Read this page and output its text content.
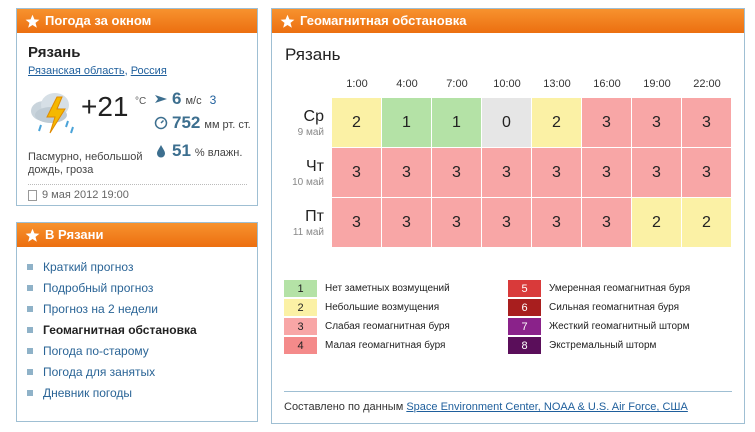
Погода за окном
Рязань
Рязанская область, Россия
+21 °C 6 м/с 3
752 мм рт. ст.
51 % влажн.
Пасмурно, небольшой дождь, гроза
9 мая 2012 19:00
В Рязани
Краткий прогноз
Подробный прогноз
Прогноз на 2 недели
Геомагнитная обстановка
Погода по-старому
Погода для занятых
Дневник погоды
Геомагнитная обстановка
Рязань
1:00	4:00	7:00	10:00	13:00	16:00	19:00	22:00
Ср
9 май
2	1	1	0	2	3	3	3
Чт
10 май
3	3	3	3	3	3	3	3
Пт
11 май
3	3	3	3	3	3	2	2
1	Нет заметных возмущений	5	Умеренная геомагнитная буря
2	Небольшие возмущения	6	Сильная геомагнитная буря
3	Слабая геомагнитная буря	7	Жесткий геомагнитный шторм
4	Малая геомагнитная буря	8	Экстремальный шторм
Составлено по данным Space Environment Center, NOAA & U.S. Air Force, США
